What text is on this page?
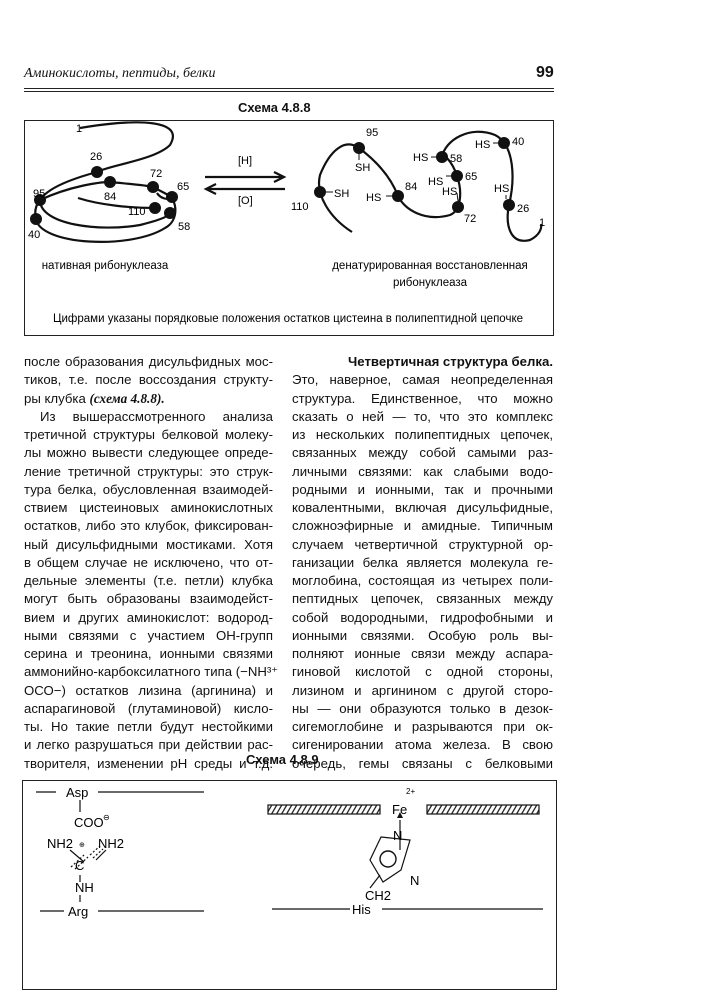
Аминокислоты, пептиды, белки	99
Схема 4.8.8
1
26
72
65
95	84
110
40
58
[H]
[O]
95
SH
SH
110
84
HS
HS 58
HS 40
HS 65
HS
72
HS
26
1
нативная рибонуклеаза	денатурированная восстановленная
рибонуклеаза
Цифрами указаны порядковые положения остатков цистеина в полипептидной цепочке
после образования дисульфидных мос-
тиков, т.е. после воссоздания структу-
ры клубка (схема 4.8.8).
Из вышерассмотренного анализа
третичной структуры белковой молеку-
лы можно вывести следующее опреде-
ление третичной структуры: это струк-
тура белка, обусловленная взаимодей-
ствием цистеиновых аминокислотных
остатков, либо это клубок, фиксирован-
ный дисульфидными мостиками. Хотя
в общем случае не исключено, что от-
дельные элементы (т.е. петли) клубка
могут быть образованы взаимодейст-
вием и других аминокислот: водород-
ными связями с участием ОН-групп
серина и треонина, ионными связями
аммонийно-карбоксилатного типа (−NH³⁺
ОСО−) остатков лизина (аргинина) и
аспарагиновой (глутаминовой) кисло-
ты. Но такие петли будут нестойкими
и легко разрушаться при действии рас-
творителя, изменении pH среды и т.д.
Четвертичная структура белка.
Это, наверное, самая неопределенная
структура. Единственное, что можно
сказать о ней — то, что это комплекс
из нескольких полипептидных цепочек,
связанных между собой самыми раз-
личными связями: как слабыми водо-
родными и ионными, так и прочными
ковалентными, включая дисульфидные,
сложноэфирные и амидные. Типичным
случаем четвертичной структурной ор-
ганизации белка является молекула ге-
моглобина, состоящая из четырех поли-
пептидных цепочек, связанных между
собой водородными, гидрофобными и
ионными связями. Особую роль вы-
полняют ионные связи между аспара-
гиновой кислотой с одной стороны,
лизином и аргинином с другой сторо-
ны — они образуются только в дезок-
сигемоглобине и разрываются при ок-
сигенировании атома железа. В свою
очередь, гемы связаны с белковыми
Схема 4.8.9
Asp
COO ⊖
NH2 ⊕ NH2
C
NH
Arg
Fe
2+
N
N
CH2
His
